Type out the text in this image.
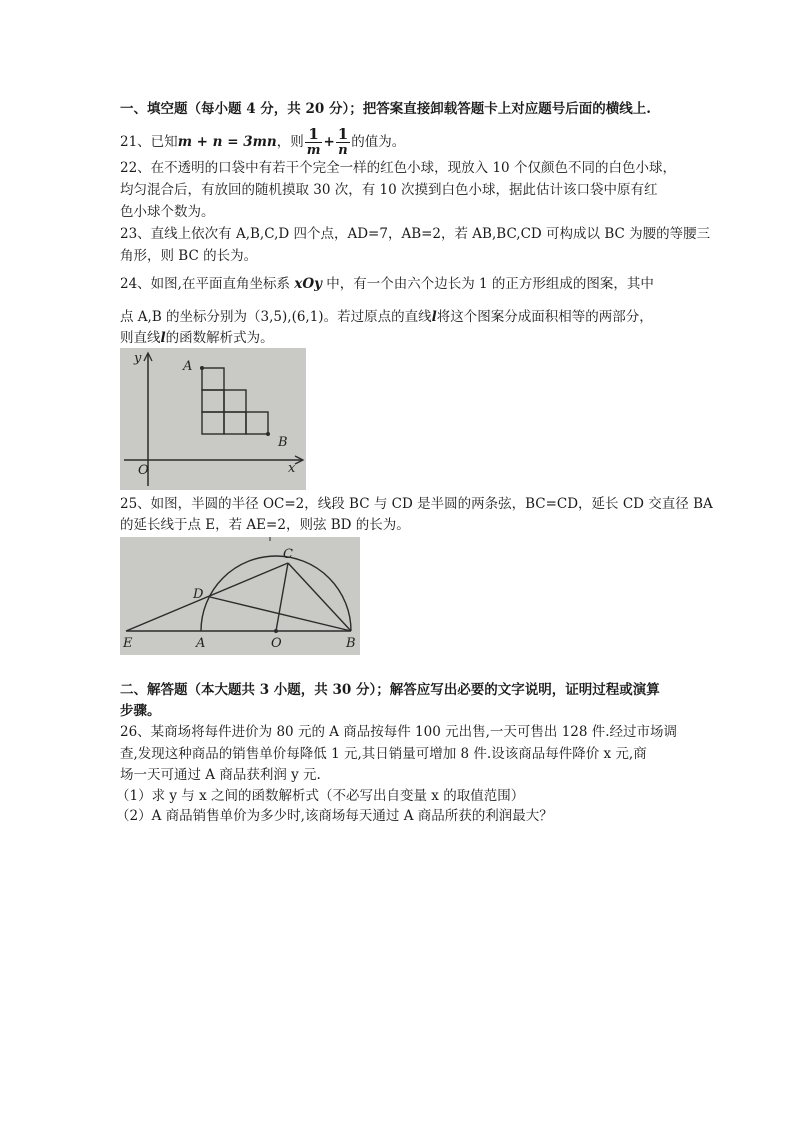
一、填空题（每小题 4 分，共 20 分）；把答案直接卸载答题卡上对应题号后面的横线上.
21、已知m + n = 3mn，则 $\frac{1}{m} + \frac{1}{n}$ 的值为。
22、在不透明的口袋中有若干个完全一样的红色小球，现放入 10 个仅颜色不同的白色小球，
均匀混合后，有放回的随机摸取 30 次，有 10 次摸到白色小球，据此估计该口袋中原有红
色小球个数为。
23、直线上依次有 A,B,C,D 四个点，AD=7，AB=2，若 AB,BC,CD 可构成以 BC 为腰的等腰三
角形，则 BC 的长为。
24、如图,在平面直角坐标系 xOy 中，有一个由六个边长为 1 的正方形组成的图案，其中
点 A,B 的坐标分别为（3,5),(6,1)。若过原点的直线l将这个图案分成面积相等的两部分，
则直线l的函数解析式为。
y
x
O
A
B
25、如图，半圆的半径 OC=2，线段 BC 与 CD 是半圆的两条弦，BC=CD，延长 CD 交直径 BA
的延长线于点 E，若 AE=2，则弦 BD 的长为。
C
D
E	A	O	B
二、解答题（本大题共 3 小题，共 30 分）；解答应写出必要的文字说明，证明过程或演算
步骤。
26、某商场将每件进价为 80 元的 A 商品按每件 100 元出售,一天可售出 128 件.经过市场调
查,发现这种商品的销售单价每降低 1 元,其日销量可增加 8 件.设该商品每件降价 x 元,商
场一天可通过 A 商品获利润 y 元.
（1）求 y 与 x 之间的函数解析式（不必写出自变量 x 的取值范围）
（2）A 商品销售单价为多少时,该商场每天通过 A 商品所获的利润最大？
